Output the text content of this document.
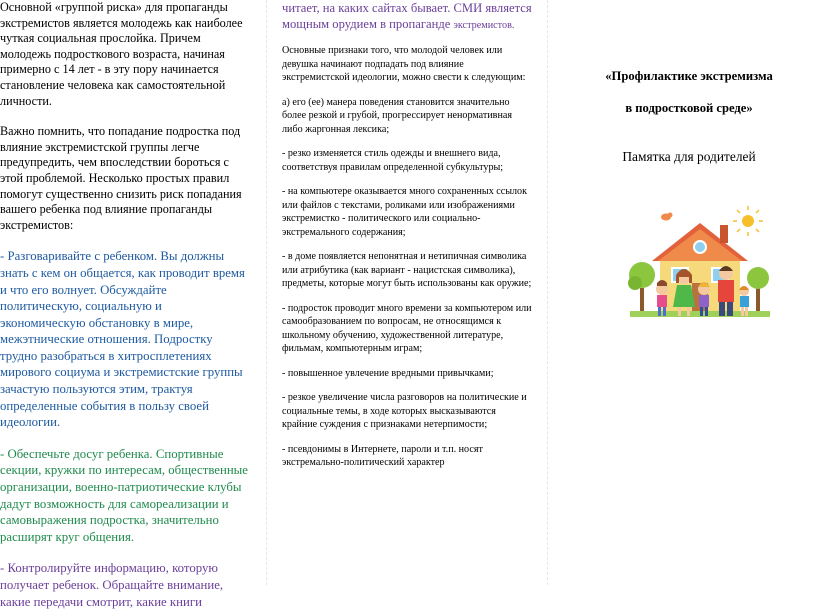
Основной «группой риска» для пропаганды экстремистов является молодежь как наиболее чуткая социальная прослойка. Причем молодежь подросткового возраста, начиная примерно с 14 лет - в эту пору начинается становление человека как самостоятельной личности.

Важно помнить, что попадание подростка под влияние экстремистской группы легче предупредить, чем впоследствии бороться с этой проблемой. Несколько простых правил помогут существенно снизить риск попадания вашего ребенка под влияние пропаганды экстремистов:

- Разговаривайте с ребенком. Вы должны знать с кем он общается, как проводит время и что его волнует. Обсуждайте политическую, социальную и экономическую обстановку в мире, межэтнические отношения. Подростку трудно разобраться в хитросплетениях мирового социума и экстремистские группы зачастую пользуются этим, трактуя определенные события в пользу своей идеологии.

- Обеспечьте досуг ребенка. Спортивные секции, кружки по интересам, общественные организации, военно-патриотические клубы дадут возможность для самореализации и самовыражения подростка, значительно расширят круг общения.

- Контролируйте информацию, которую получает ребенок. Обращайте внимание, какие передачи смотрит, какие книги

читает, на каких сайтах бывает. СМИ является мощным орудием в пропаганде экстремистов.

Основные признаки того, что молодой человек или девушка начинают подпадать под влияние экстремистской идеологии, можно свести к следующим:

а) его (ее) манера поведения становится значительно более резкой и грубой, прогрессирует ненормативная либо жаргонная лексика;

- резко изменяется стиль одежды и внешнего вида, соответствуя правилам определенной субкультуры;

- на компьютере оказывается много сохраненных ссылок или файлов с текстами, роликами или изображениями экстремистко - политического или социально-экстремального содержания;

- в доме появляется непонятная и нетипичная символика или атрибутика (как вариант - нацистская символика), предметы, которые могут быть использованы как оружие;

- подросток проводит много времени за компьютером или самообразованием по вопросам, не относящимся к школьному обучению, художественной литературе, фильмам, компьютерным играм;

- повышенное увлечение вредными привычками;

- резкое увеличение числа разговоров на политические и социальные темы, в ходе которых высказываются крайние суждения с признаками нетерпимости;

- псевдонимы в Интернете, пароли и т.п. носят экстремально-политический характер

«Профилактике экстремизма
в подростковой среде»
Памятка для родителей
